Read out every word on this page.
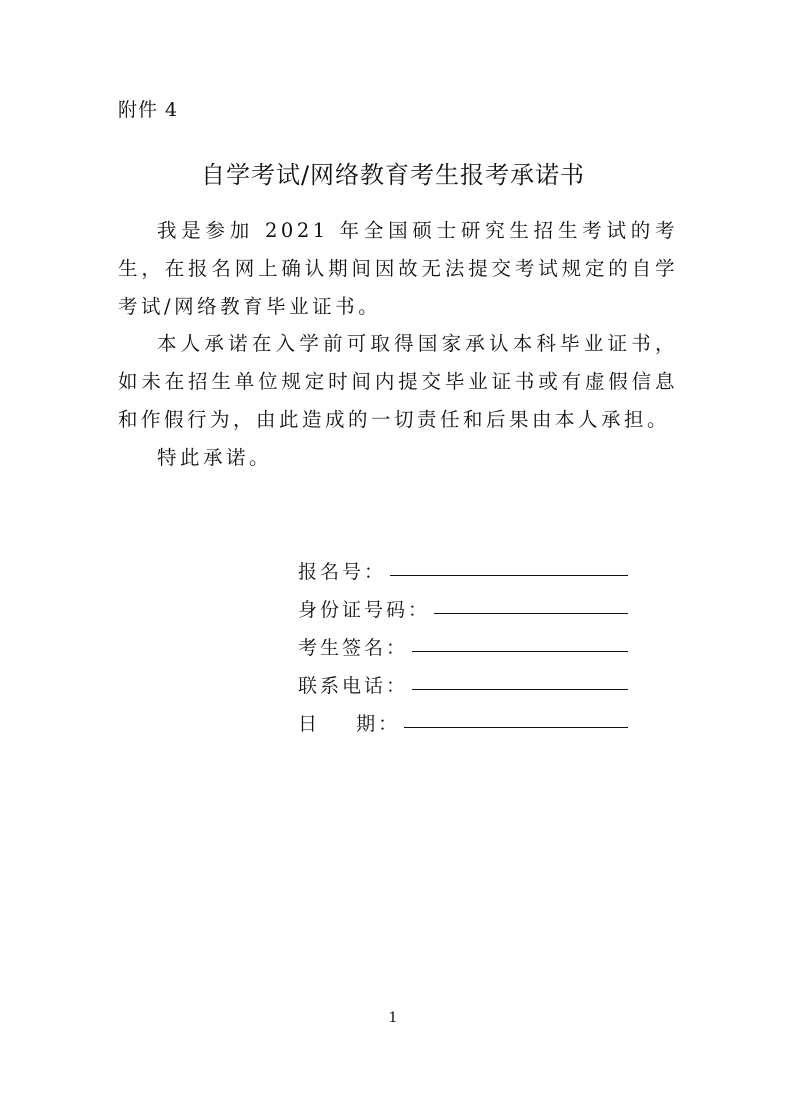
附件 4
自学考试/网络教育考生报考承诺书

我是参加 2021 年全国硕士研究生招生考试的考生，在报名网上确认期间因故无法提交考试规定的自学考试/网络教育毕业证书。

本人承诺在入学前可取得国家承认本科毕业证书，如未在招生单位规定时间内提交毕业证书或有虚假信息和作假行为，由此造成的一切责任和后果由本人承担。

特此承诺。

报名号：
身份证号码：
考生签名：
联系电话：
日    期：
1
